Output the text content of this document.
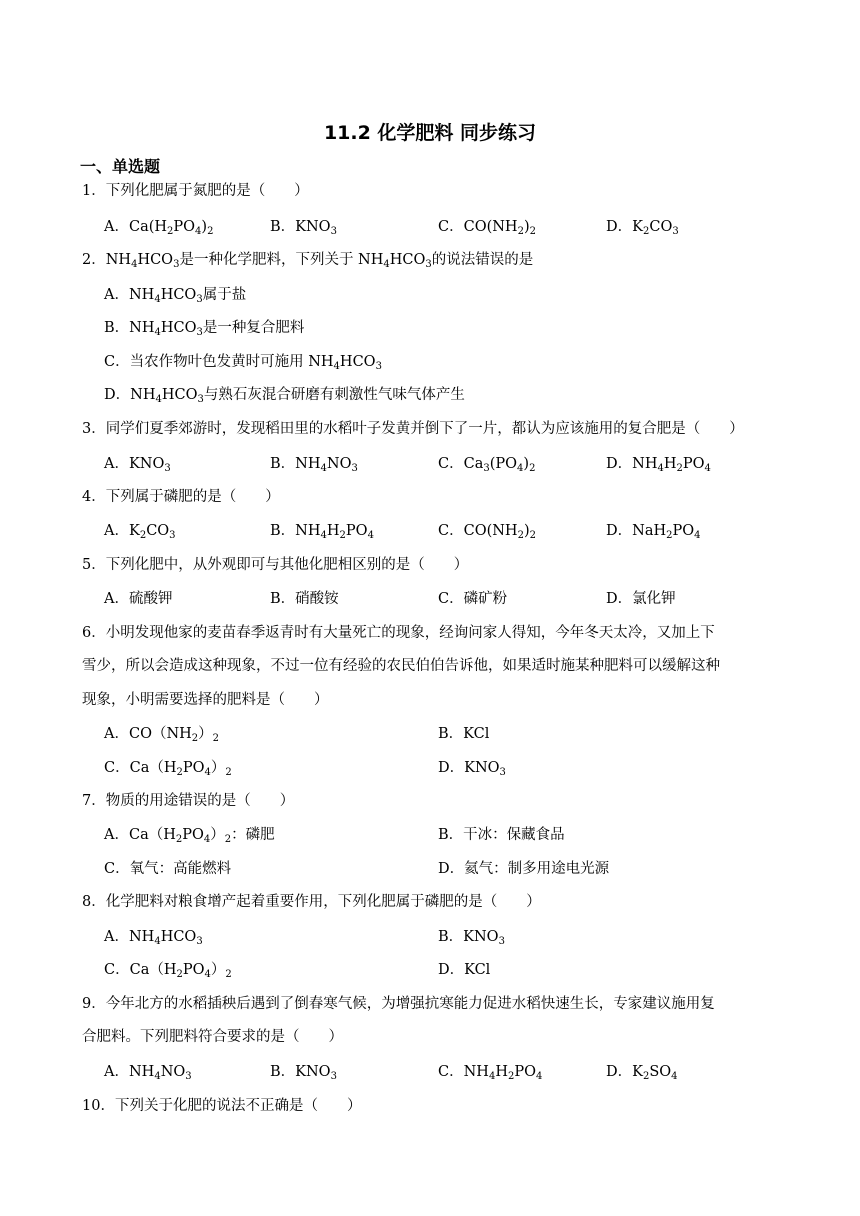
11.2 化学肥料 同步练习
一、单选题
1．下列化肥属于氮肥的是（　　）
A．$Ca(H_2PO_4)_2$	B．$KNO_3$	C．$CO(NH_2)_2$	D．$K_2CO_3$
2．$NH_4HCO_3$是一种化学肥料，下列关于 $NH_4HCO_3$的说法错误的是
A．$NH_4HCO_3$属于盐
B．$NH_4HCO_3$是一种复合肥料
C．当农作物叶色发黄时可施用 $NH_4HCO_3$
D．$NH_4HCO_3$与熟石灰混合研磨有刺激性气味气体产生
3．同学们夏季郊游时，发现稻田里的水稻叶子发黄并倒下了一片，都认为应该施用的复合肥是（　　）
A．$KNO_3$	B．$NH_4NO_3$	C．$Ca_3(PO_4)_2$	D．$NH_4H_2PO_4$
4．下列属于磷肥的是（　　）
A．$K_2CO_3$	B．$NH_4H_2PO_4$	C．$CO(NH_2)_2$	D．$NaH_2PO_4$
5．下列化肥中，从外观即可与其他化肥相区别的是（　　）
A．硫酸钾	B．硝酸铵	C．磷矿粉	D．氯化钾
6．小明发现他家的麦苗春季返青时有大量死亡的现象，经询问家人得知，今年冬天太冷，又加上下
雪少，所以会造成这种现象，不过一位有经验的农民伯伯告诉他，如果适时施某种肥料可以缓解这种
现象，小明需要选择的肥料是（　　）
A．$CO(NH_2)_2$	B．KCl
C．$Ca(H_2PO_4)_2$	D．$KNO_3$
7．物质的用途错误的是（　　）
A．$Ca(H_2PO_4)_2$：磷肥	B．干冰：保藏食品
C．氧气：高能燃料	D．氦气：制多用途电光源
8．化学肥料对粮食增产起着重要作用，下列化肥属于磷肥的是（　　）
A．$NH_4HCO_3$	B．$KNO_3$
C．$Ca(H_2PO_4)_2$	D．KCl
9．今年北方的水稻插秧后遇到了倒春寒气候，为增强抗寒能力促进水稻快速生长，专家建议施用复
合肥料。下列肥料符合要求的是（　　）
A．$NH_4NO_3$	B．$KNO_3$	C．$NH_4H_2PO_4$	D．$K_2SO_4$
10．下列关于化肥的说法不正确是（　　）
